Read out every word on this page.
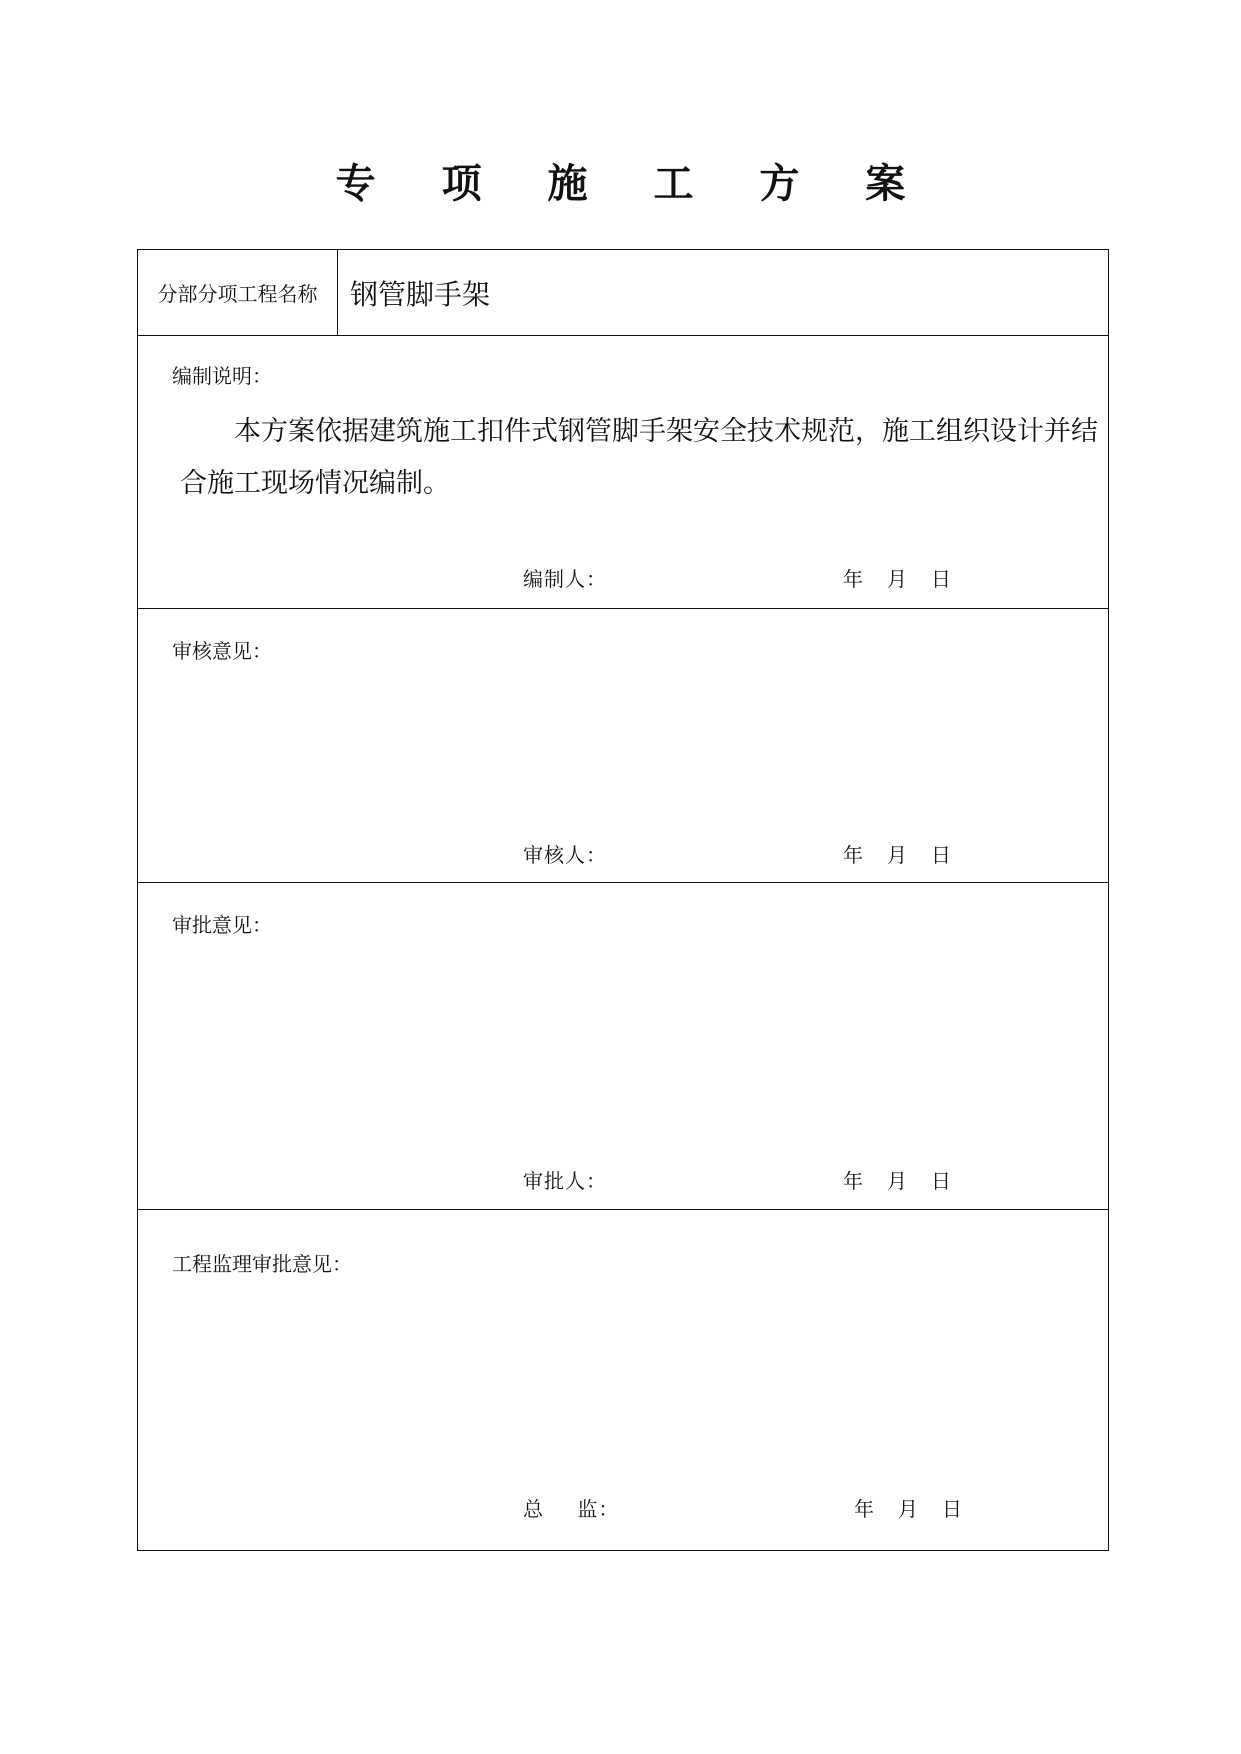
专 项 施 工 方 案
分部分项工程名称	钢管脚手架
编制说明：
本方案依据建筑施工扣件式钢管脚手架安全技术规范，施工组织设计并结合施工现场情况编制。
编制人：	年 月 日
审核意见：
审核人：	年 月 日
审批意见：
审批人：	年 月 日
工程监理审批意见：
总 监：	年 月 日
